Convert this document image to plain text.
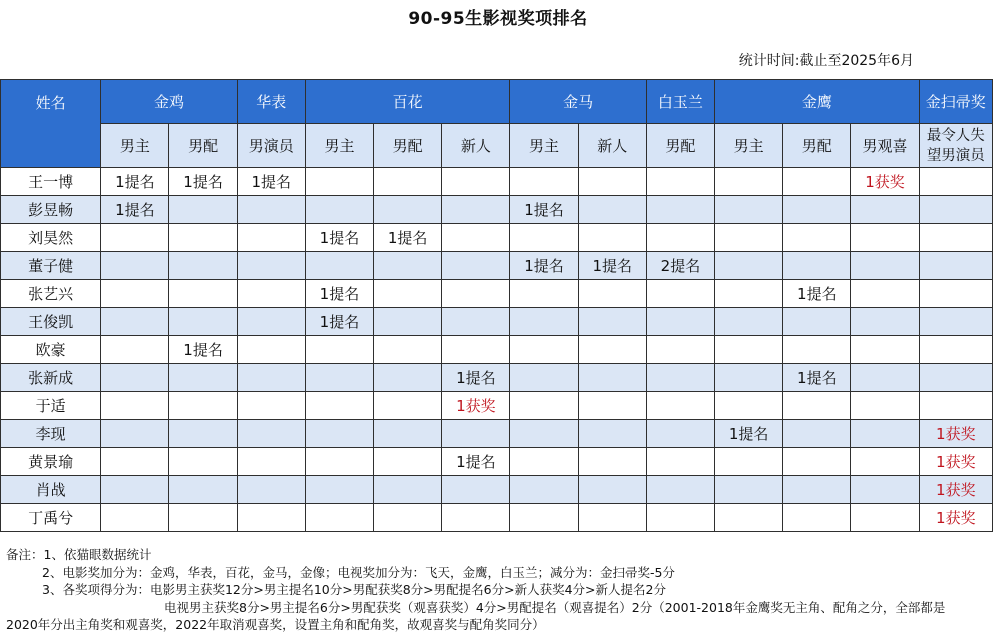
90-95生影视奖项排名
统计时间:截止至2025年6月
姓名	金鸡		华表	百花			金马		白玉兰	金鹰			金扫帚奖
	男主	男配	男演员	男主	男配	新人	男主	新人	男配	男主	男配	男观喜	最令人失望男演员
王一博	1提名	1提名	1提名									1获奖	
彭昱畅	1提名						1提名						
刘昊然				1提名	1提名								
董子健							1提名	1提名	2提名				
张艺兴				1提名							1提名		
王俊凯				1提名									
欧豪		1提名											
张新成						1提名					1提名		
于适						1获奖							
李现										1提名			1获奖
黄景瑜						1提名							1获奖
肖战													1获奖
丁禹兮													1获奖
备注：1、依猫眼数据统计
2、电影奖加分为：金鸡，华表，百花，金马，金像；电视奖加分为：飞天，金鹰，白玉兰；减分为：金扫帚奖-5分
3、各奖项得分为：电影男主获奖12分>男主提名10分>男配获奖8分>男配提名6分>新人获奖4分>新人提名2分
电视男主获奖8分>男主提名6分>男配获奖（观喜获奖）4分>男配提名（观喜提名）2分（2001-2018年金鹰奖无主角、配角之分，全部都是
2020年分出主角奖和观喜奖，2022年取消观喜奖，设置主角和配角奖，故观喜奖与配角奖同分）
